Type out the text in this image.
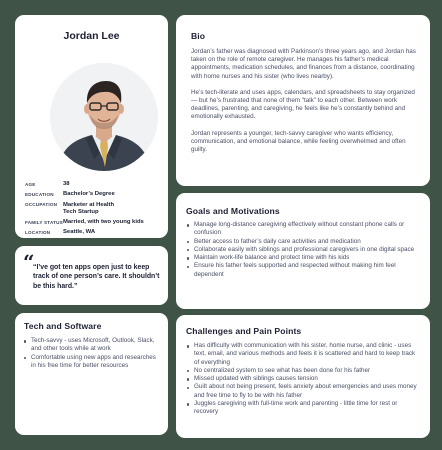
Jordan Lee
AGE	38
EDUCATION	Bachelor’s Degree
OCCUPATION Marketer at Health Tech Startup
FAMILY STATUS Married, with two young kids
LOCATION	Seattle, WA
“
“I’ve got ten apps open just to keep track of one person’s care. It shouldn’t be this hard.”
Tech and Software
Tech-savvy - uses Microsoft, Outlook, Slack, and other tools while at work
Comfortable using new apps and researches in his free time for better resources
Bio

Jordan’s father was diagnosed with Parkinson’s three years ago, and Jordan has taken on the role of remote caregiver. He manages his father’s medical appointments, medication schedules, and finances from a distance, coordinating with home nurses and his sister (who lives nearby).

He’s tech-literate and uses apps, calendars, and spreadsheets to stay organized — but he’s frustrated that none of them “talk” to each other. Between work deadlines, parenting, and caregiving, he feels like he’s constantly behind and emotionally exhausted.

Jordan represents a younger, tech-savvy caregiver who wants efficiency, communication, and emotional balance, while feeling overwhelmed and often guilty.

Goals and Motivations
Manage long-distance caregiving effectively without constant phone calls or confusion
Better access to father’s daily care activities and medication
Collaborate easily with siblings and professional caregivers in one digital space
Maintain work-life balance and protect time with his kids
Ensure his father feels supported and respected without making him feel dependent
Challenges and Pain Points
Has difficulty with communication with his sister, home nurse, and clinic - uses text, email, and various methods and feels it is scattered and hard to keep track of everything
No centralized system to see what has been done for his father
Missed updated with siblings causes tension
Guilt about not being present, feels anxiety about emergencies and uses money and free time to fly to be with his father
Juggles caregiving with full-time work and parenting - little time for rest or recovery
